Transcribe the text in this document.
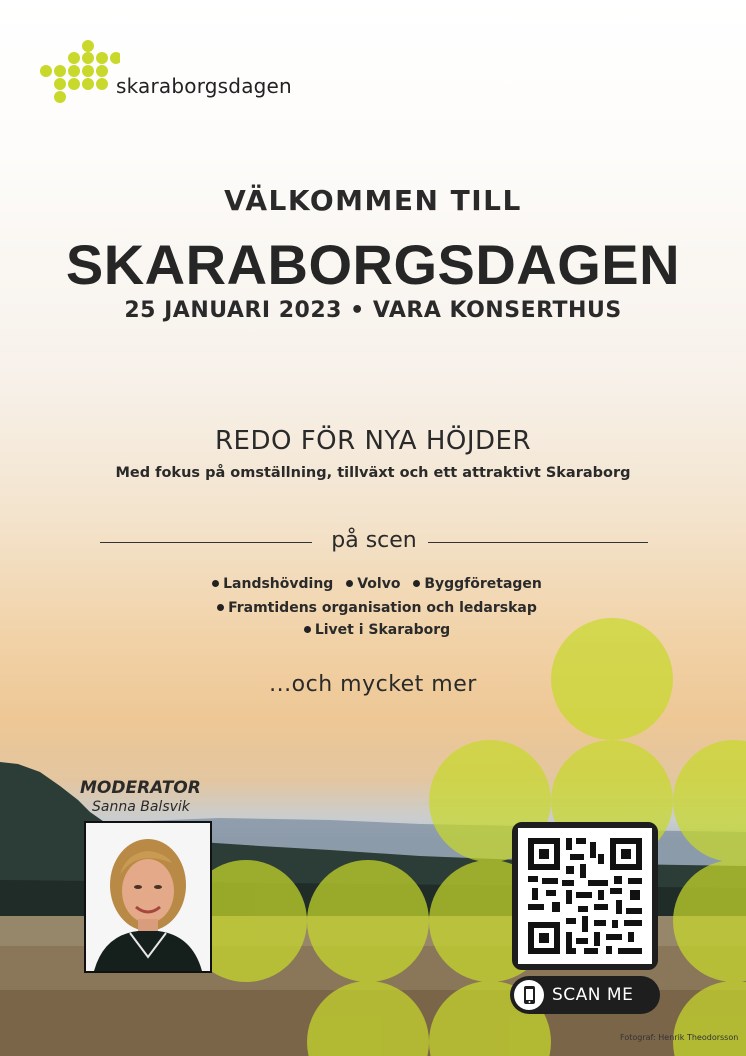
skaraborgsdagen
VÄLKOMMEN TILL
SKARABORGSDAGEN
25 JANUARI 2023 • VARA KONSERTHUS
REDO FÖR NYA HÖJDER
Med fokus på omställning, tillväxt och ett attraktivt Skaraborg
på scen
Landshövding Volvo Byggföretagen
Framtidens organisation och ledarskap
Livet i Skaraborg
...och mycket mer
MODERATOR
Sanna Balsvik
SCAN ME
Fotograf: Henrik Theodorsson
